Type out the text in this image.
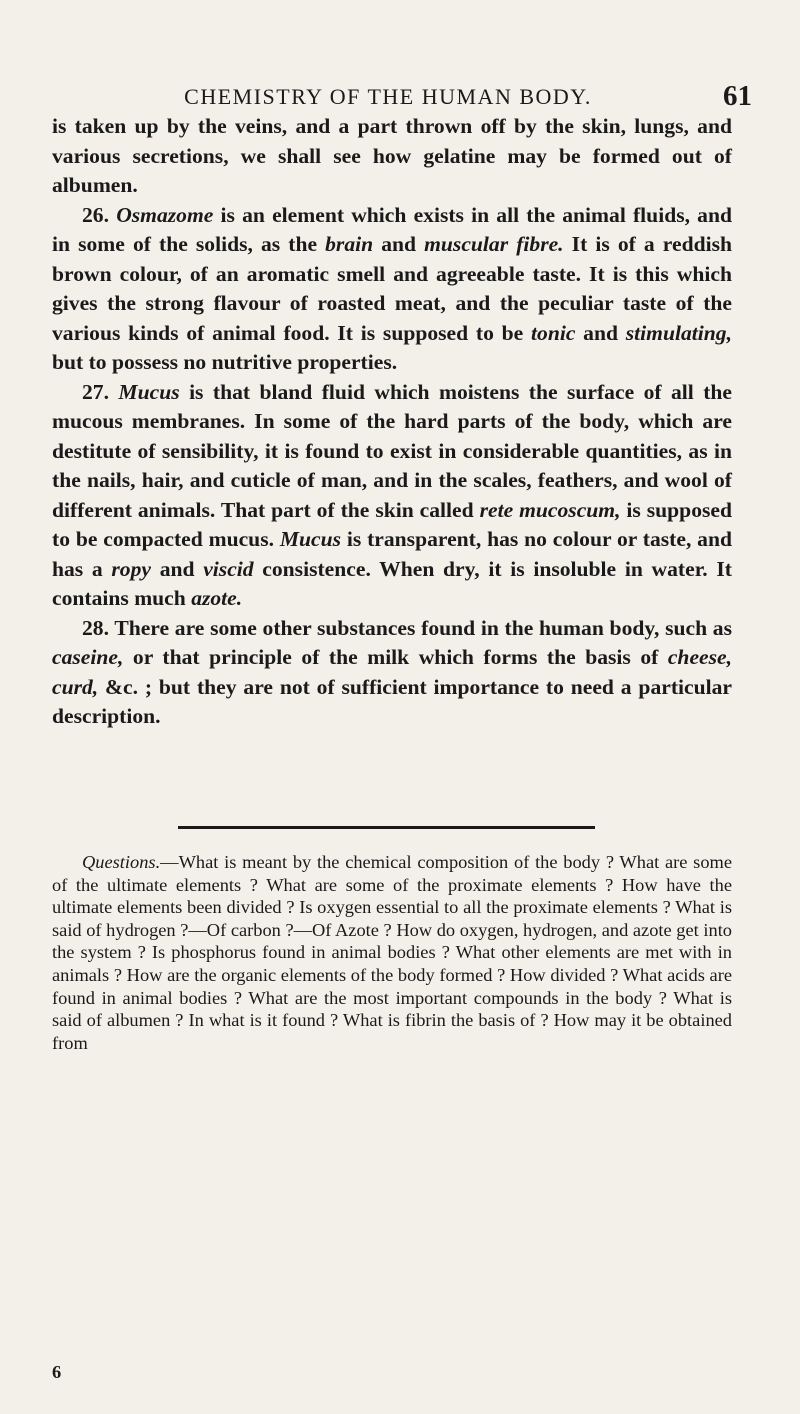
CHEMISTRY OF THE HUMAN BODY.	61

is taken up by the veins, and a part thrown off by the skin, lungs, and various secretions, we shall see how gelatine may be formed out of albumen.

26. Osmazome is an element which exists in all the animal fluids, and in some of the solids, as the brain and muscular fibre. It is of a reddish brown colour, of an aromatic smell and agreeable taste. It is this which gives the strong flavour of roasted meat, and the peculiar taste of the various kinds of animal food. It is supposed to be tonic and stimulating, but to possess no nutritive properties.

27. Mucus is that bland fluid which moistens the surface of all the mucous membranes. In some of the hard parts of the body, which are destitute of sensibility, it is found to exist in considerable quantities, as in the nails, hair, and cuticle of man, and in the scales, feathers, and wool of different animals. That part of the skin called rete mucoscum, is supposed to be compacted mucus. Mucus is transparent, has no colour or taste, and has a ropy and viscid consistence. When dry, it is insoluble in water. It contains much azote.

28. There are some other substances found in the human body, such as caseine, or that principle of the milk which forms the basis of cheese, curd, &c. ; but they are not of sufficient importance to need a particular description.

Questions.—What is meant by the chemical composition of the body ? What are some of the ultimate elements ? What are some of the proximate elements ? How have the ultimate elements been divided ? Is oxygen essential to all the proximate elements ? What is said of hydrogen ?—Of carbon ?—Of Azote ? How do oxygen, hydrogen, and azote get into the system ? Is phosphorus found in animal bodies ? What other elements are met with in animals ? How are the organic elements of the body formed ? How divided ? What acids are found in animal bodies ? What are the most important compounds in the body ? What is said of albumen ? In what is it found ? What is fibrin the basis of ? How may it be obtained from

6
